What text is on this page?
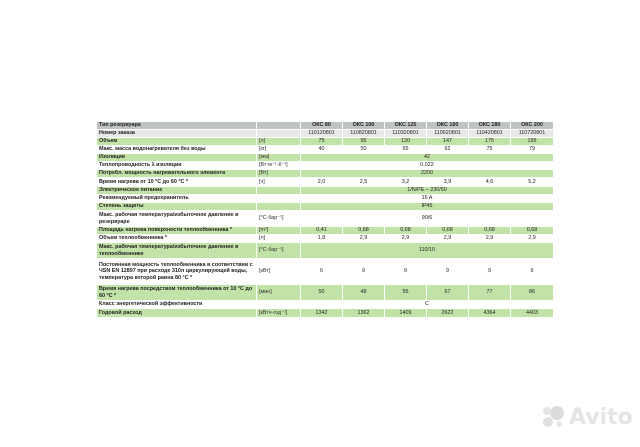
Тип резервуара		ОКС 80	ОКС 100	ОКС 125	ОКС 160	ОКС 180	ОКС 200
Номер заказа		110120801	110820801	110320801	110620801	110420801	110720801
Объем	[л]	75	95	120	147	175	195
Макс. масса водонагревателя без воды	[кг]	40	50	55	62	75	79
Изоляция	[мм]	42					
Теплопроводность λ изоляции	[Вт·м⁻¹·К⁻¹]	0,022					
Потребл. мощность нагревательного элемента	[Вт]	2200					
Время нагрева от 10 °С до 60 °С *	[ч]	2,0	2,5	3,2	3,9	4,6	5,2
Электрическое питание		1/N/PE – 230/50					
Рекомендуемый предохранитель		16 A					
Степень защиты		IP45					
Макс. рабочая температура/избыточное давление в резервуаре	[°С-бар⁻¹]	90/6					
Площадь нагрева поверхности теплообменника *	[m²]	0,41	0,68	0,68	0,68	0,68	0,68
Объем теплообменника *	[л]	1,8	2,9	2,9	2,9	2,9	2,9
Макс. рабочая температура/избыточное давление в теплообменнике	[°С-бар⁻¹]	110/10					
Постоянная мощность теплообменника в соответствии с ЧSN EN 12897 при расходе 310л циркулирующей воды, температура которой равна 80 °С *	[кВт]	6	9	9	9	9	9
Время нагрева посредством теплообменника от 10 °С до 60 °С *	[мин]	50	48	55	67	77	86
Класс энергетической эффективности		C					
Годовой расход	[кВтч·год⁻¹]	1342	1362	1409	2622	4364	4403
Avito
